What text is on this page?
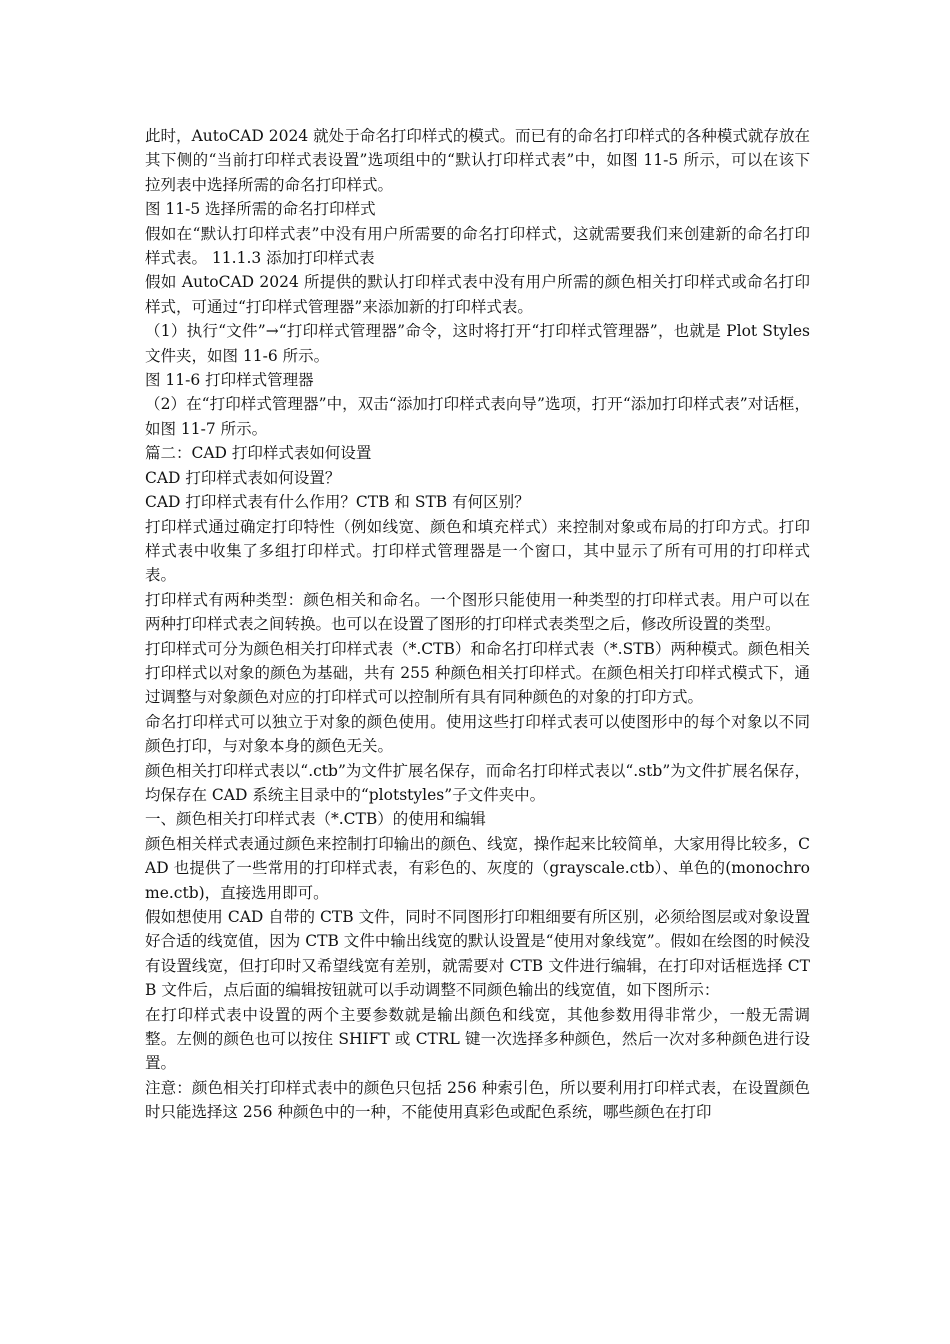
此时，AutoCAD 2024 就处于命名打印样式的模式。而已有的命名打印样式的各种模式就存放在其下侧的“当前打印样式表设置”选项组中的“默认打印样式表”中，如图 11-5 所示，可以在该下拉列表中选择所需的命名打印样式。

图 11-5 选择所需的命名打印样式

假如在“默认打印样式表”中没有用户所需要的命名打印样式，这就需要我们来创建新的命名打印样式表。 11.1.3 添加打印样式表

假如 AutoCAD 2024 所提供的默认打印样式表中没有用户所需的颜色相关打印样式或命名打印样式，可通过“打印样式管理器”来添加新的打印样式表。

（1）执行“文件”→“打印样式管理器”命令，这时将打开“打印样式管理器”，也就是 Plot Styles 文件夹，如图 11-6 所示。

图 11-6 打印样式管理器

（2）在“打印样式管理器”中，双击“添加打印样式表向导”选项，打开“添加打印样式表”对话框，如图 11-7 所示。

篇二：CAD 打印样式表如何设置

CAD 打印样式表如何设置？

CAD 打印样式表有什么作用？CTB 和 STB 有何区别？

打印样式通过确定打印特性（例如线宽、颜色和填充样式）来控制对象或布局的打印方式。打印样式表中收集了多组打印样式。打印样式管理器是一个窗口，其中显示了所有可用的打印样式表。

打印样式有两种类型：颜色相关和命名。一个图形只能使用一种类型的打印样式表。用户可以在两种打印样式表之间转换。也可以在设置了图形的打印样式表类型之后，修改所设置的类型。

打印样式可分为颜色相关打印样式表（*.CTB）和命名打印样式表（*.STB）两种模式。颜色相关打印样式以对象的颜色为基础，共有 255 种颜色相关打印样式。在颜色相关打印样式模式下，通过调整与对象颜色对应的打印样式可以控制所有具有同种颜色的对象的打印方式。

命名打印样式可以独立于对象的颜色使用。使用这些打印样式表可以使图形中的每个对象以不同颜色打印，与对象本身的颜色无关。

颜色相关打印样式表以“.ctb”为文件扩展名保存，而命名打印样式表以“.stb”为文件扩展名保存，均保存在 CAD 系统主目录中的“plotstyles”子文件夹中。

一、颜色相关打印样式表（*.CTB）的使用和编辑

颜色相关样式表通过颜色来控制打印输出的颜色、线宽，操作起来比较简单，大家用得比较多，CAD 也提供了一些常用的打印样式表，有彩色的、灰度的（grayscale.ctb）、单色的(monochrome.ctb)，直接选用即可。

假如想使用 CAD 自带的 CTB 文件，同时不同图形打印粗细要有所区别，必须给图层或对象设置好合适的线宽值，因为 CTB 文件中输出线宽的默认设置是“使用对象线宽”。假如在绘图的时候没有设置线宽，但打印时又希望线宽有差别，就需要对 CTB 文件进行编辑，在打印对话框选择 CTB 文件后，点后面的编辑按钮就可以手动调整不同颜色输出的线宽值，如下图所示：

在打印样式表中设置的两个主要参数就是输出颜色和线宽，其他参数用得非常少，一般无需调整。左侧的颜色也可以按住 SHIFT 或 CTRL 键一次选择多种颜色，然后一次对多种颜色进行设置。

注意：颜色相关打印样式表中的颜色只包括 256 种索引色，所以要利用打印样式表，在设置颜色时只能选择这 256 种颜色中的一种，不能使用真彩色或配色系统，哪些颜色在打印
